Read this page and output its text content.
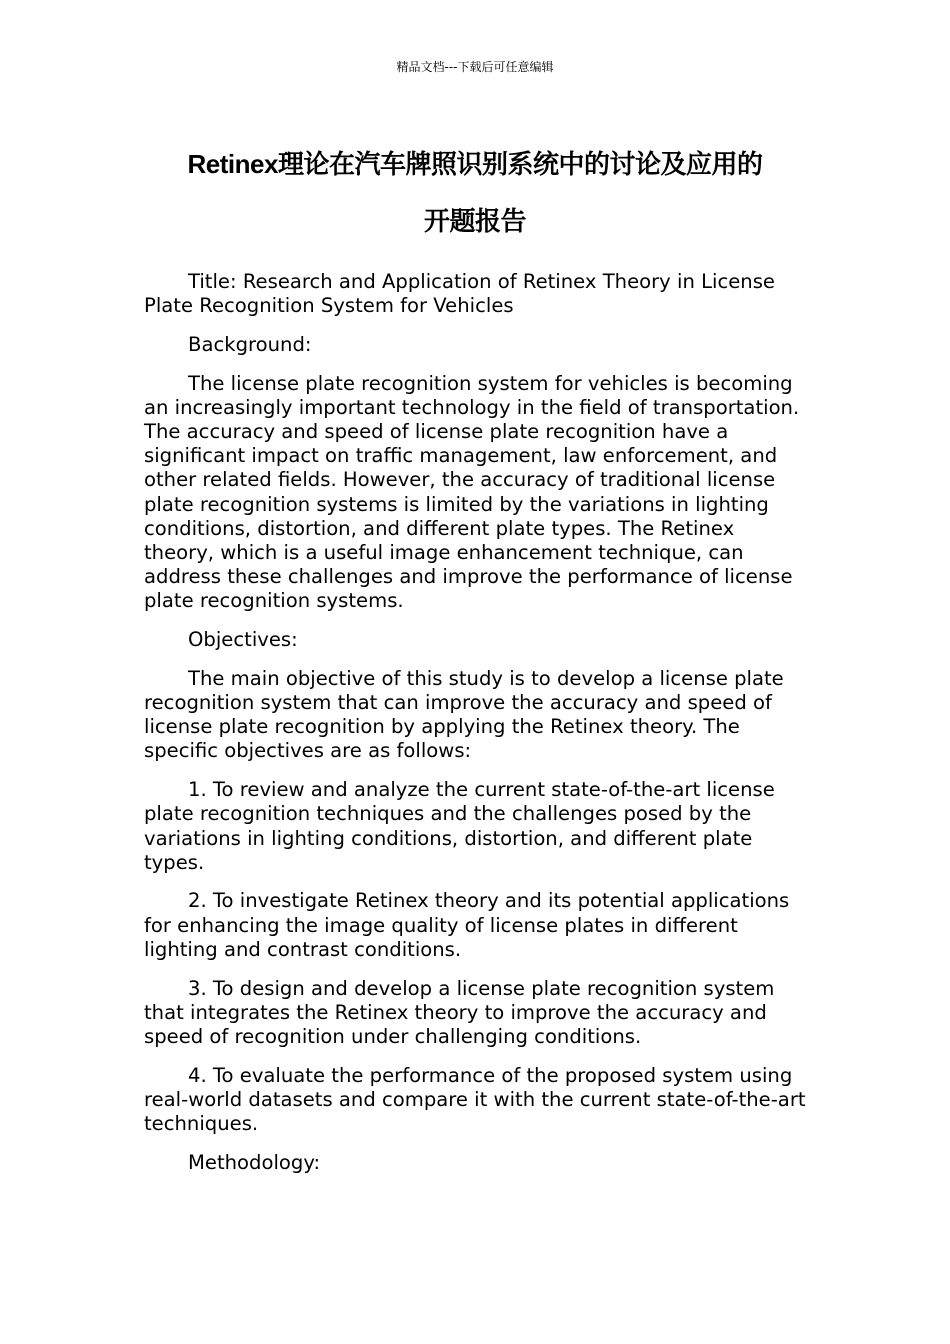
精品文档---下载后可任意编辑
Retinex理论在汽车牌照识别系统中的讨论及应用的
开题报告

Title: Research and Application of Retinex Theory in License Plate Recognition System for Vehicles

Background:

The license plate recognition system for vehicles is becoming an increasingly important technology in the field of transportation. The accuracy and speed of license plate recognition have a significant impact on traffic management, law enforcement, and other related fields. However, the accuracy of traditional license plate recognition systems is limited by the variations in lighting conditions, distortion, and different plate types. The Retinex theory, which is a useful image enhancement technique, can address these challenges and improve the performance of license plate recognition systems.

Objectives:

The main objective of this study is to develop a license plate recognition system that can improve the accuracy and speed of license plate recognition by applying the Retinex theory. The specific objectives are as follows:

1. To review and analyze the current state-of-the-art license plate recognition techniques and the challenges posed by the variations in lighting conditions, distortion, and different plate types.

2. To investigate Retinex theory and its potential applications for enhancing the image quality of license plates in different lighting and contrast conditions.

3. To design and develop a license plate recognition system that integrates the Retinex theory to improve the accuracy and speed of recognition under challenging conditions.

4. To evaluate the performance of the proposed system using real-world datasets and compare it with the current state-of-the-art techniques.

Methodology:
